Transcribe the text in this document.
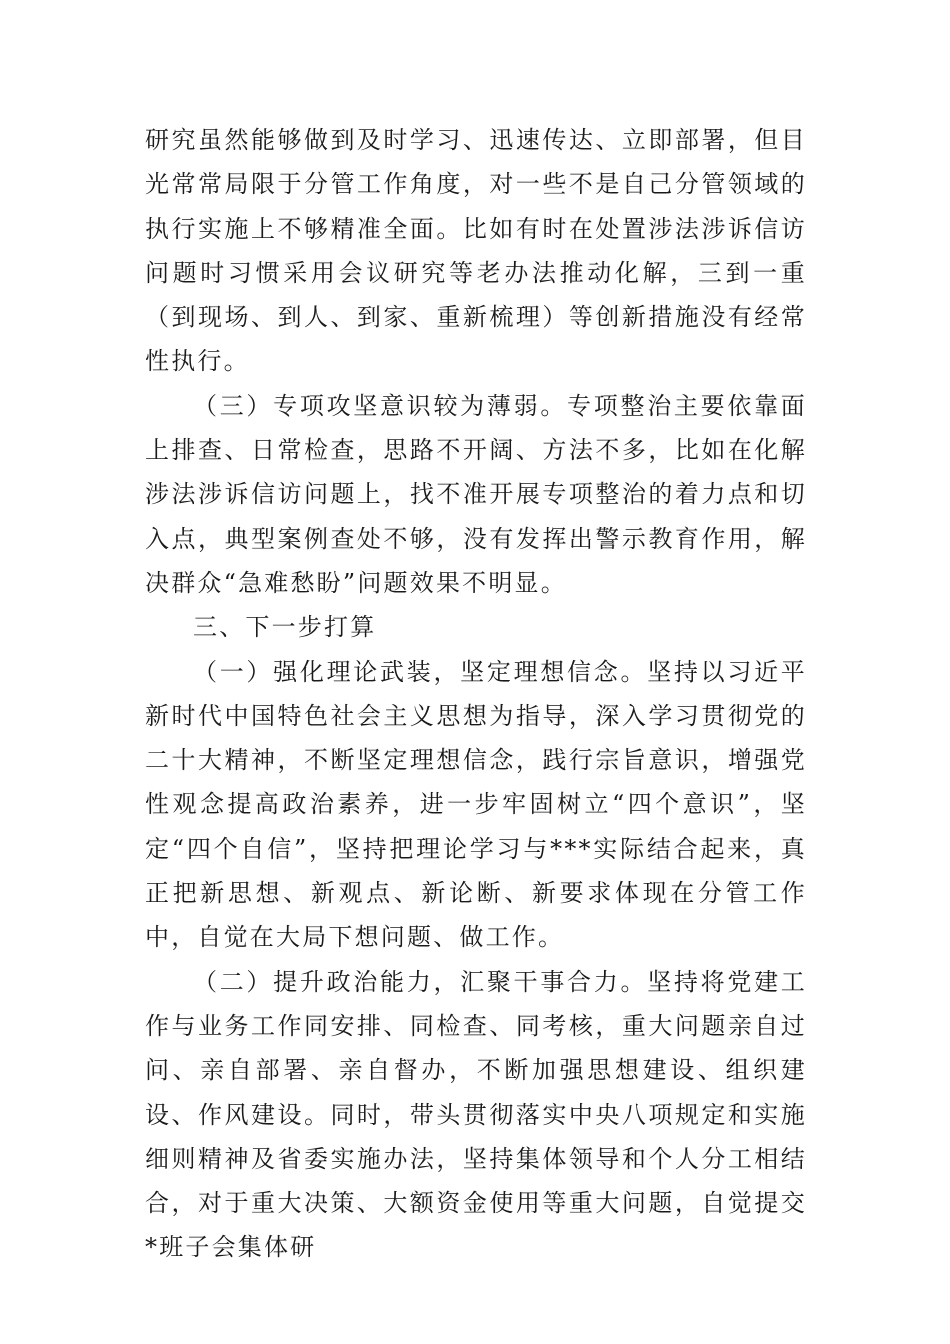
研究虽然能够做到及时学习、迅速传达、立即部署，但目光常常局限于分管工作角度，对一些不是自己分管领域的执行实施上不够精准全面。比如有时在处置涉法涉诉信访问题时习惯采用会议研究等老办法推动化解，三到一重（到现场、到人、到家、重新梳理）等创新措施没有经常性执行。

（三）专项攻坚意识较为薄弱。专项整治主要依靠面上排查、日常检查，思路不开阔、方法不多，比如在化解涉法涉诉信访问题上，找不准开展专项整治的着力点和切入点，典型案例查处不够，没有发挥出警示教育作用，解决群众“急难愁盼”问题效果不明显。

三、下一步打算

（一）强化理论武装，坚定理想信念。坚持以习近平新时代中国特色社会主义思想为指导，深入学习贯彻党的二十大精神，不断坚定理想信念，践行宗旨意识，增强党性观念提高政治素养，进一步牢固树立“四个意识”，坚定“四个自信”，坚持把理论学习与***实际结合起来，真正把新思想、新观点、新论断、新要求体现在分管工作中，自觉在大局下想问题、做工作。

（二）提升政治能力，汇聚干事合力。坚持将党建工作与业务工作同安排、同检查、同考核，重大问题亲自过问、亲自部署、亲自督办，不断加强思想建设、组织建设、作风建设。同时，带头贯彻落实中央八项规定和实施细则精神及省委实施办法，坚持集体领导和个人分工相结合，对于重大决策、大额资金使用等重大问题，自觉提交*班子会集体研
